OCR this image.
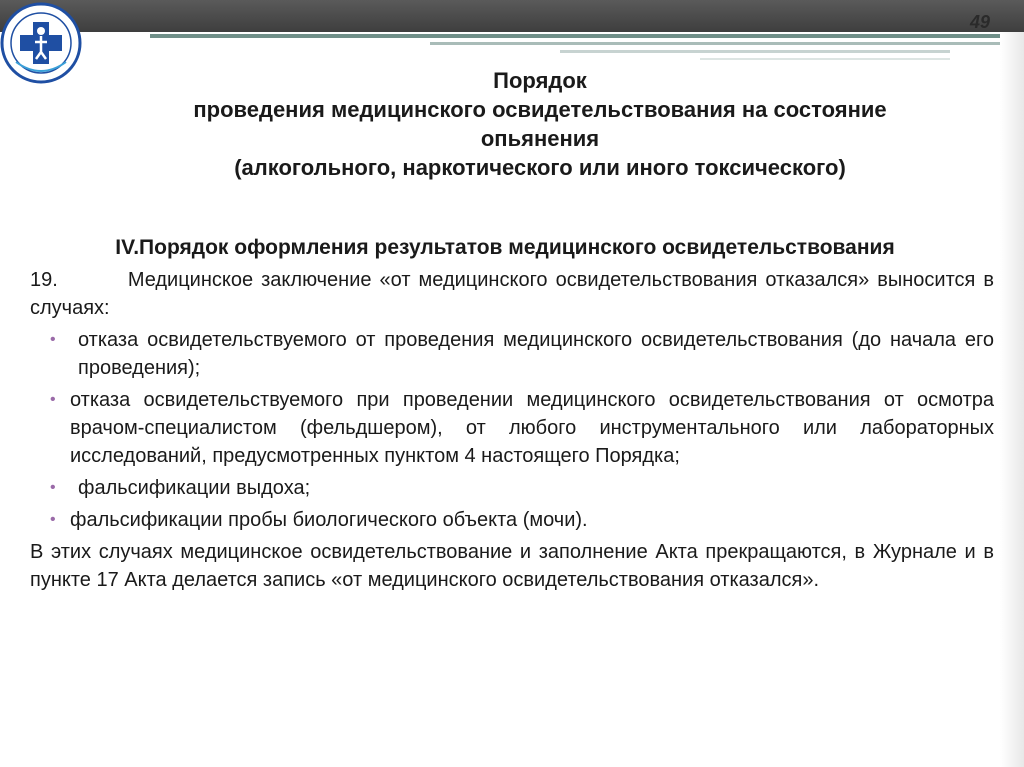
49
Порядок
проведения медицинского освидетельствования на состояние
опьянения
(алкогольного, наркотического или иного токсического)
IV.Порядок оформления результатов медицинского освидетельствования

19.	Медицинское заключение «от медицинского освидетельствования отказался» выносится в случаях:

• отказа освидетельствуемого от проведения медицинского освидетельствования (до начала его проведения);
• отказа освидетельствуемого при проведении медицинского освидетельствования от осмотра врачом-специалистом (фельдшером), от любого инструментального или лабораторных исследований, предусмотренных пунктом 4 настоящего Порядка;
• фальсификации выдоха;
• фальсификации пробы биологического объекта (мочи).

В этих случаях медицинское освидетельствование и заполнение Акта прекращаются, в Журнале и в пункте 17 Акта делается запись «от медицинского освидетельствования отказался».
